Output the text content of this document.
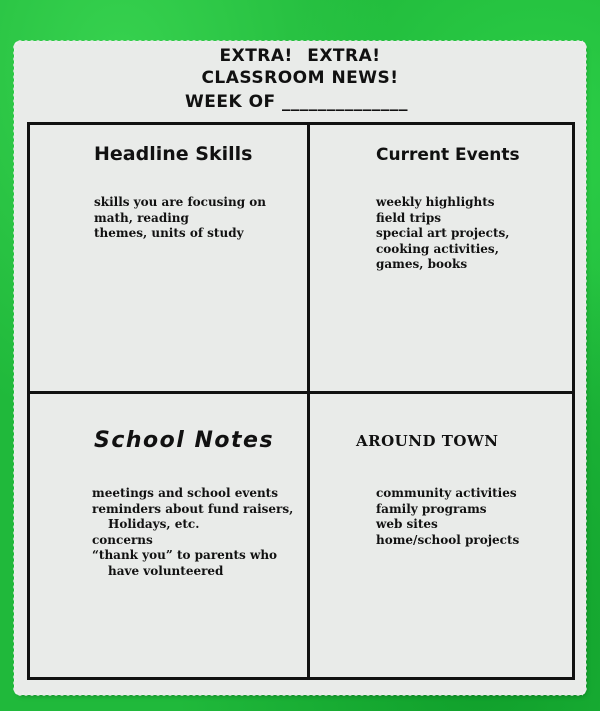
EXTRA! EXTRA!
CLASSROOM NEWS!
WEEK OF ______________
Headline Skills
skills you are focusing on
math, reading
themes, units of study
Current Events
weekly highlights
field trips
special art projects,
cooking activities,
games, books
School Notes
meetings and school events
reminders about fund raisers,
Holidays, etc.
concerns
“thank you” to parents who
have volunteered
AROUND TOWN
community activities
family programs
web sites
home/school projects
